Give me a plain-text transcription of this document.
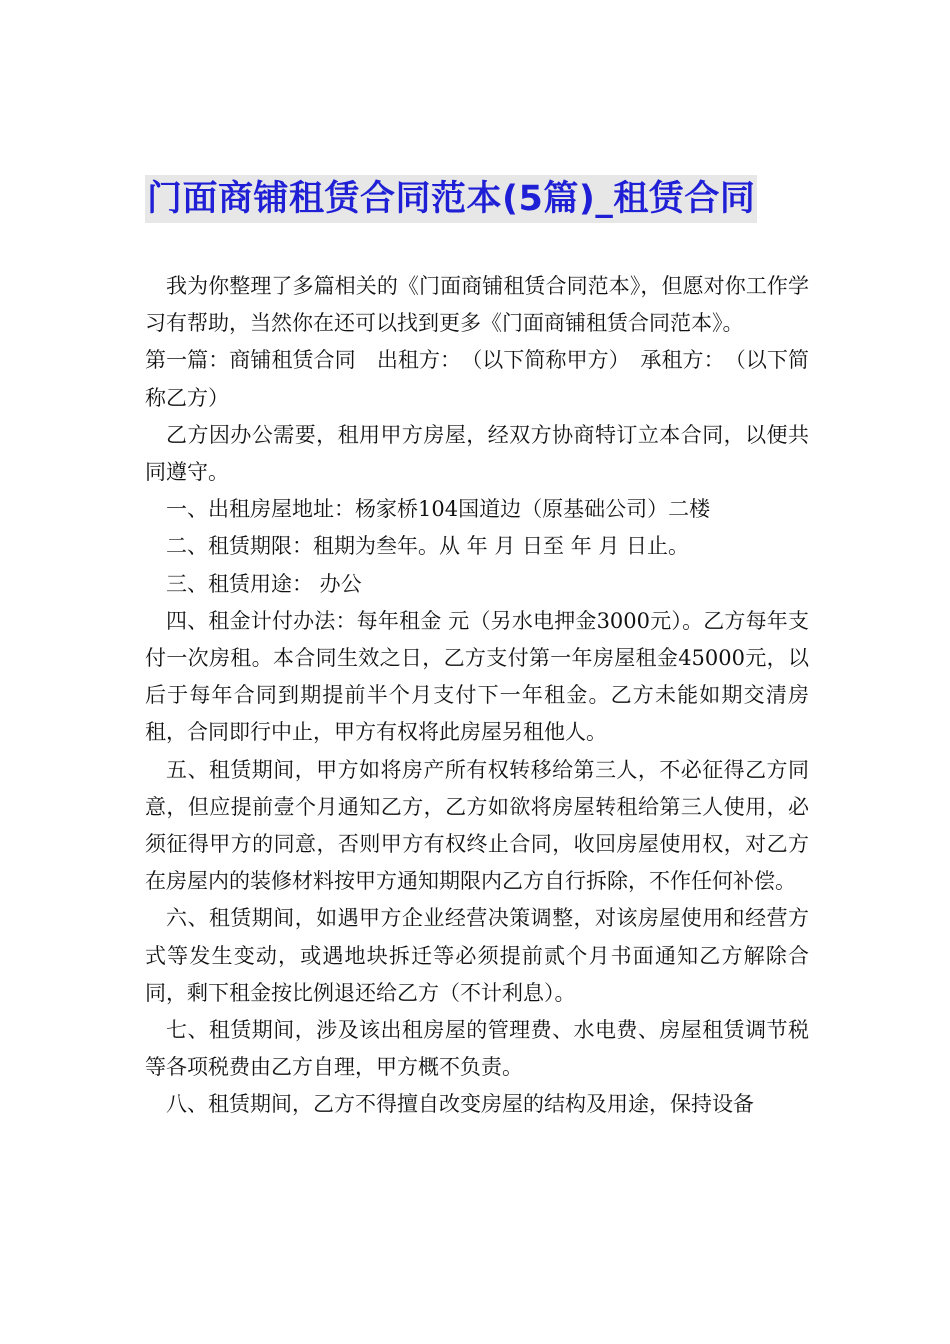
门面商铺租赁合同范本(5篇)_租赁合同

我为你整理了多篇相关的《门面商铺租赁合同范本》，但愿对你工作学习有帮助，当然你在还可以找到更多《门面商铺租赁合同范本》。

第一篇：商铺租赁合同　出租方：　（以下简称甲方）　承租方：　（以下简称乙方）

乙方因办公需要，租用甲方房屋，经双方协商特订立本合同，以便共同遵守。

一、出租房屋地址：杨家桥104国道边（原基础公司）二楼

二、租赁期限：租期为叁年。从 年 月 日至 年 月 日止。

三、租赁用途： 办公

四、租金计付办法：每年租金 元（另水电押金3000元）。乙方每年支付一次房租。本合同生效之日，乙方支付第一年房屋租金45000元，以后于每年合同到期提前半个月支付下一年租金。乙方未能如期交清房租，合同即行中止，甲方有权将此房屋另租他人。

五、租赁期间，甲方如将房产所有权转移给第三人，不必征得乙方同意，但应提前壹个月通知乙方，乙方如欲将房屋转租给第三人使用，必须征得甲方的同意，否则甲方有权终止合同，收回房屋使用权，对乙方在房屋内的装修材料按甲方通知期限内乙方自行拆除，不作任何补偿。

六、租赁期间，如遇甲方企业经营决策调整，对该房屋使用和经营方式等发生变动，或遇地块拆迁等必须提前贰个月书面通知乙方解除合同，剩下租金按比例退还给乙方（不计利息）。

七、租赁期间，涉及该出租房屋的管理费、水电费、房屋租赁调节税等各项税费由乙方自理，甲方概不负责。

八、租赁期间，乙方不得擅自改变房屋的结构及用途，保持设备
